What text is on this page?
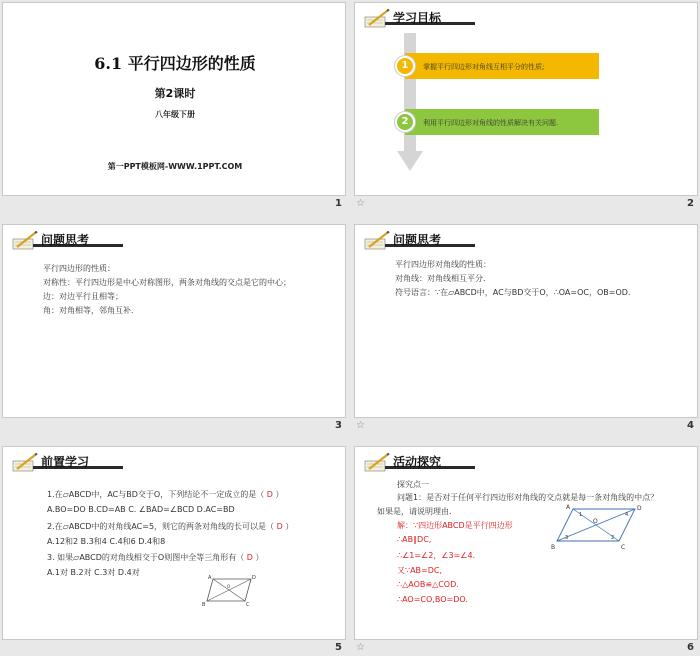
6.1 平行四边形的性质
第2课时
八年级下册
第一PPT模板网-WWW.1PPT.COM
1
学习目标
1	掌握平行四边形对角线互相平分的性质;
2	利用平行四边形对角线的性质解决有关问题.
☆	2
问题思考
平行四边形的性质：
对称性：平行四边形是中心对称图形，两条对角线的交点是它的中心；
边：对边平行且相等；
角：对角相等，邻角互补.
3
问题思考
平行四边形对角线的性质：
对角线：对角线相互平分.
符号语言：∵在▱ABCD中，AC与BD交于O，∴OA=OC，OB=OD.
☆	4
前置学习
1.在▱ABCD中，AC与BD交于O，下列结论不一定成立的是（ D ）
A.BO=DO B.CD=AB C. ∠BAD=∠BCD D.AC=BD
2.在▱ABCD中的对角线AC=5，则它的两条对角线的长可以是（ D ）
A.12和2 B.3和4 C.4和6 D.4和8
3. 如果▱ABCD的对角线相交于O则图中全等三角形有（ D ）
A.1对 B.2对 C.3对 D.4对
A	D
B	C
O
5
活动探究
探究点一
问题1：是否对于任何平行四边形对角线的交点就是每一条对角线的中点？
如果是，请说明理由.
解：∵四边形ABCD是平行四边形
∴AB∥DC,
∴∠1=∠2，∠3=∠4.
又∵AB=DC,
∴△AOB≌△COD.
∴AO=CO,BO=DO.
A	D
B	C
O
1
2
3
4
☆	6
